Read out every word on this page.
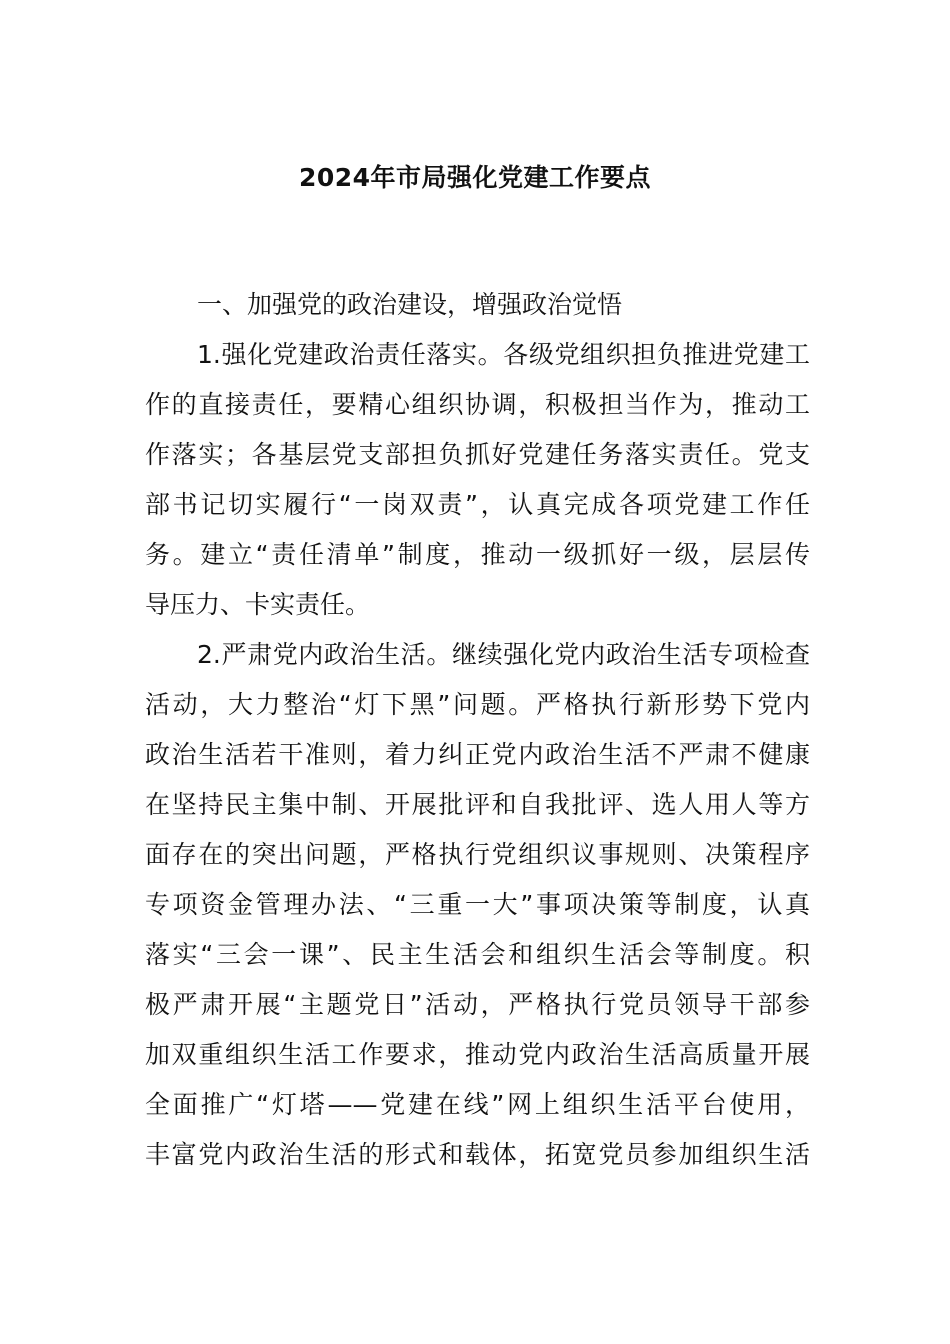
2024年市局强化党建工作要点
一、加强党的政治建设，增强政治觉悟
1.强化党建政治责任落实。各级党组织担负推进党建工
作的直接责任，要精心组织协调，积极担当作为，推动工
作落实；各基层党支部担负抓好党建任务落实责任。党支
部书记切实履行“一岗双责”，认真完成各项党建工作任
务。建立“责任清单”制度，推动一级抓好一级，层层传
导压力、卡实责任。
2.严肃党内政治生活。继续强化党内政治生活专项检查
活动，大力整治“灯下黑”问题。严格执行新形势下党内
政治生活若干准则，着力纠正党内政治生活不严肃不健康
在坚持民主集中制、开展批评和自我批评、选人用人等方
面存在的突出问题，严格执行党组织议事规则、决策程序
专项资金管理办法、“三重一大”事项决策等制度，认真
落实“三会一课”、民主生活会和组织生活会等制度。积
极严肃开展“主题党日”活动，严格执行党员领导干部参
加双重组织生活工作要求，推动党内政治生活高质量开展
全面推广“灯塔——党建在线”网上组织生活平台使用，
丰富党内政治生活的形式和载体，拓宽党员参加组织生活
